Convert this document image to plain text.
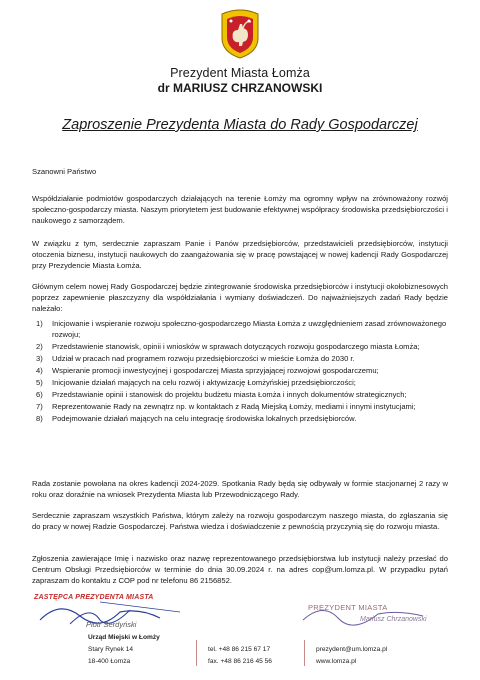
Prezydent Miasta Łomża
dr MARIUSZ CHRZANOWSKI
Zaproszenie Prezydenta Miasta do Rady Gospodarczej
Szanowni Państwo
Współdziałanie podmiotów gospodarczych działających na terenie Łomży ma ogromny wpływ na zrównoważony rozwój społeczno-gospodarczy miasta. Naszym priorytetem jest budowanie efektywnej współpracy środowiska przedsiębiorczości i naukowego z samorządem.
W związku z tym, serdecznie zapraszam Panie i Panów przedsiębiorców, przedstawicieli przedsiębiorców, instytucji otoczenia biznesu, instytucji naukowych do zaangażowania się w pracę powstającej w nowej kadencji Rady Gospodarczej przy Prezydencie Miasta Łomża.
Głównym celem nowej Rady Gospodarczej będzie zintegrowanie środowiska przedsiębiorców i instytucji okołobiznesowych poprzez zapewnienie płaszczyzny dla współdziałania i wymiany doświadczeń. Do najważniejszych zadań Rady będzie należało:
1) Inicjowanie i wspieranie rozwoju społeczno-gospodarczego Miasta Łomża z uwzględnieniem zasad zrównoważonego rozwoju;
2) Przedstawienie stanowisk, opinii i wniosków w sprawach dotyczących rozwoju gospodarczego miasta Łomża;
3) Udział w pracach nad programem rozwoju przedsiębiorczości w mieście Łomża do 2030 r.
4) Wspieranie promocji inwestycyjnej i gospodarczej Miasta sprzyjającej rozwojowi gospodarczemu;
5) Inicjowanie działań mających na celu rozwój i aktywizację Łomżyńskiej przedsiębiorczości;
6) Przedstawianie opinii i stanowisk do projektu budżetu miasta Łomża i innych dokumentów strategicznych;
7) Reprezentowanie Rady na zewnątrz np. w kontaktach z Radą Miejską Łomży, mediami i innymi instytucjami;
8) Podejmowanie działań mających na celu integrację środowiska lokalnych przedsiębiorców.
Rada zostanie powołana na okres kadencji 2024-2029. Spotkania Rady będą się odbywały w formie stacjonarnej 2 razy w roku oraz doraźnie na wniosek Prezydenta Miasta lub Przewodniczącego Rady.
Serdecznie zapraszam wszystkich Państwa, którym zależy na rozwoju gospodarczym naszego miasta, do zgłaszania się do pracy w nowej Radzie Gospodarczej. Państwa wiedza i doświadczenie z pewnością przyczynią się do rozwoju miasta.
Zgłoszenia zawierające Imię i nazwisko oraz nazwę reprezentowanego przedsiębiorstwa lub instytucji należy przesłać do Centrum Obsługi Przedsiębiorców w terminie do dnia 30.09.2024 r. na adres cop@um.lomza.pl. W przypadku pytań zapraszam do kontaktu z COP pod nr telefonu 86 2156852.
ZASTĘPCA PREZYDENTA MIASTA
Piotr Serdyński
PREZYDENT MIASTA
Mariusz Chrzanowski
Urząd Miejski w Łomży
Stary Rynek 14
18-400 Łomża
tel. +48 86 215 67 17
fax. +48 86 216 45 56
prezydent@um.lomza.pl
www.lomza.pl
